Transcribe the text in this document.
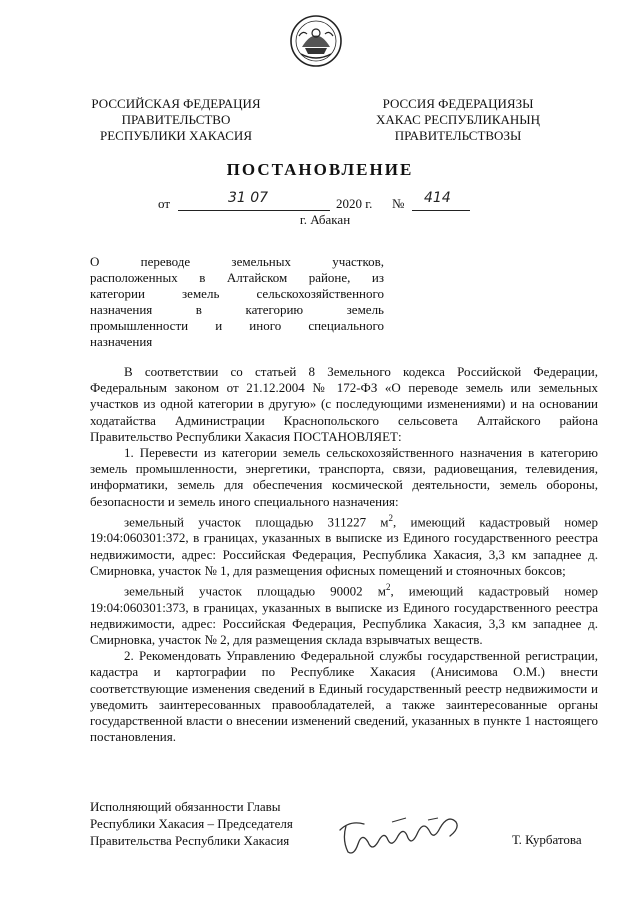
РОССИЙСКАЯ ФЕДЕРАЦИЯ
ПРАВИТЕЛЬСТВО
РЕСПУБЛИКИ ХАКАСИЯ
РОССИЯ ФЕДЕРАЦИЯЗЫ
ХАКАС РЕСПУБЛИКАНЫҢ
ПРАВИТЕЛЬСТВОЗЫ
ПОСТАНОВЛЕНИЕ
от	31 07	2020 г. № 414
г. Абакан
О переводе земельных участков,
расположенных в Алтайском районе, из
категории земель сельскохозяйственного
назначения в категорию земель
промышленности и иного специального
назначения

В соответствии со статьей 8 Земельного кодекса Российской Федерации, Федеральным законом от 21.12.2004 № 172-ФЗ «О переводе земель или земельных участков из одной категории в другую» (с последующими изменениями) и на основании ходатайства Администрации Краснопольского сельсовета Алтайского района Правительство Республики Хакасия ПОСТАНОВЛЯЕТ:

1. Перевести из категории земель сельскохозяйственного назначения в категорию земель промышленности, энергетики, транспорта, связи, радиовещания, телевидения, информатики, земель для обеспечения космической деятельности, земель обороны, безопасности и земель иного специального назначения:

земельный участок площадью 311227 $м^2$, имеющий кадастровый номер 19:04:060301:372, в границах, указанных в выписке из Единого государственного реестра недвижимости, адрес: Российская Федерация, Республика Хакасия, 3,3 км западнее д. Смирновка, участок № 1, для размещения офисных помещений и стояночных боксов;

земельный участок площадью 90002 $м^2$, имеющий кадастровый номер 19:04:060301:373, в границах, указанных в выписке из Единого государственного реестра недвижимости, адрес: Российская Федерация, Республика Хакасия, 3,3 км западнее д. Смирновка, участок № 2, для размещения склада взрывчатых веществ.

2. Рекомендовать Управлению Федеральной службы государственной регистрации, кадастра и картографии по Республике Хакасия (Анисимова О.М.) внести соответствующие изменения сведений в Единый государственный реестр недвижимости и уведомить заинтересованных правообладателей, а также заинтересованные органы государственной власти о внесении изменений сведений, указанных в пункте 1 настоящего постановления.

Исполняющий обязанности Главы
Республики Хакасия – Председателя
Правительства Республики Хакасия	Т. Курбатова
